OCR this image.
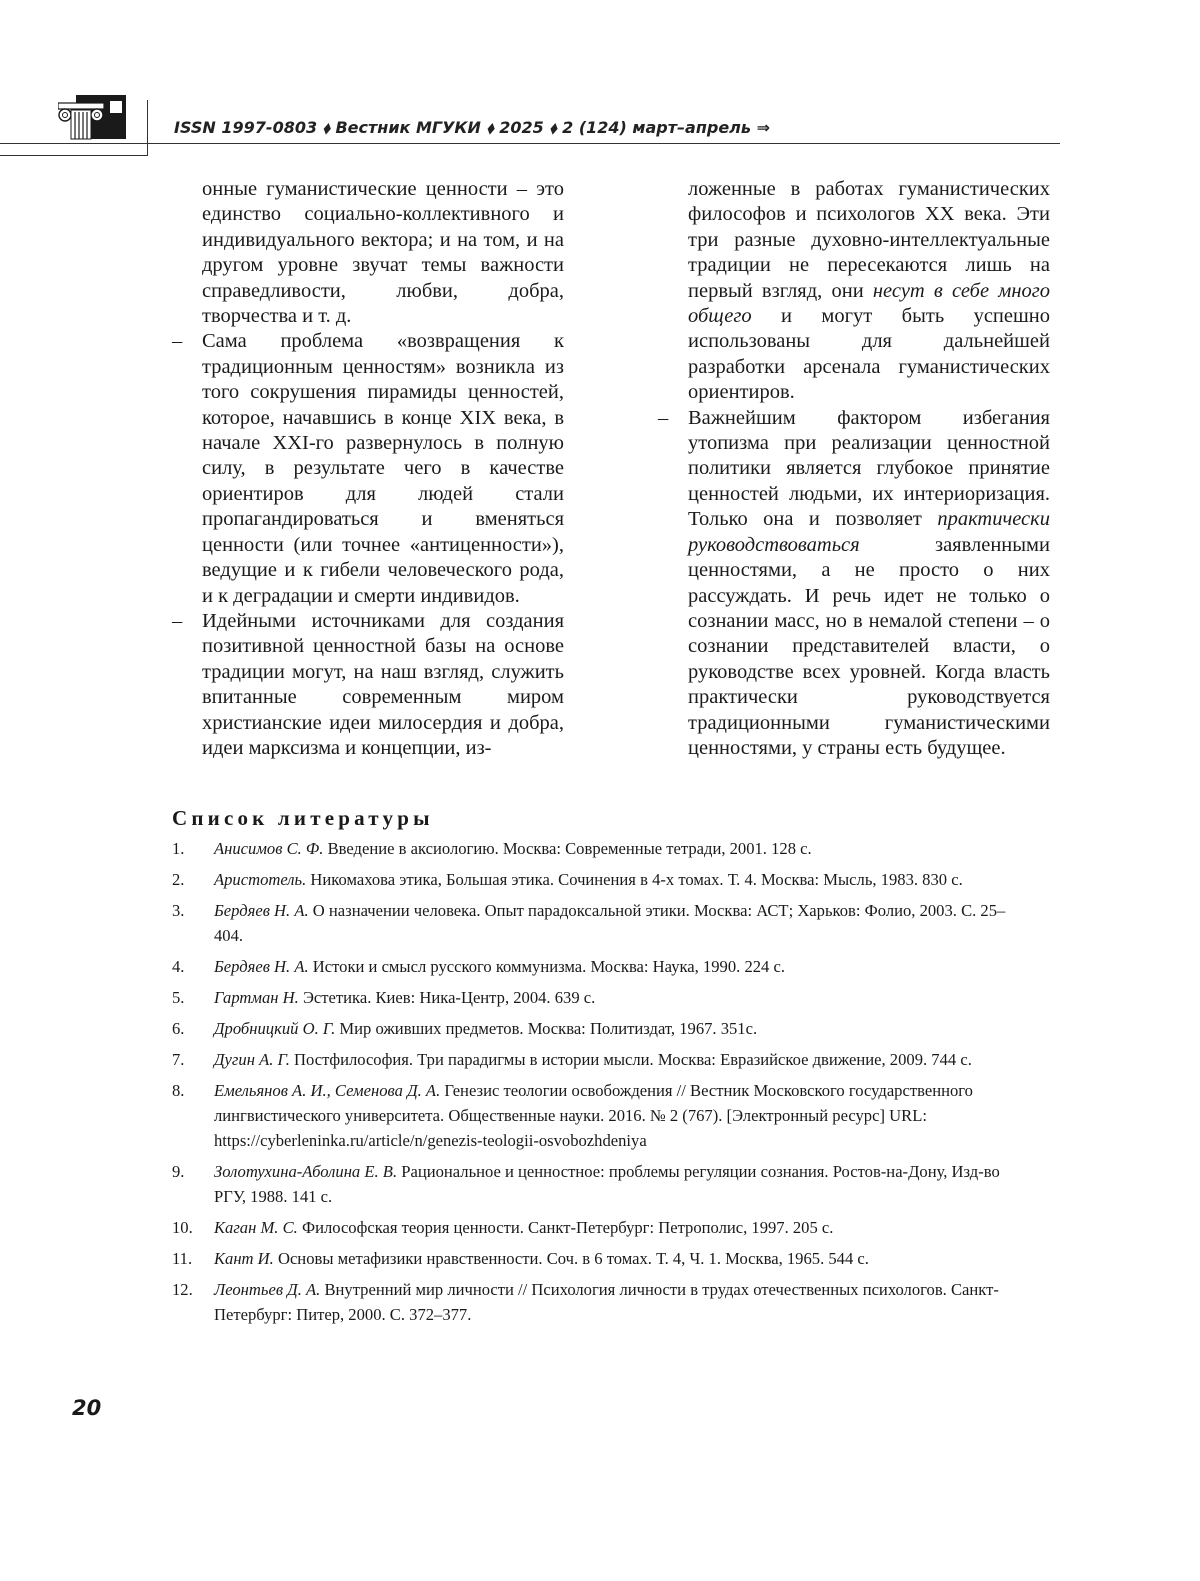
ISSN 1997-0803 ⬧ Вестник МГУКИ ⬧ 2025 ⬧ 2 (124) март–апрель ⇒

онные гуманистические ценности – это единство социально-коллективного и индивидуального вектора; и на том, и на другом уровне звучат темы важности справедливости, любви, добра, творчества и т. д.

– Сама проблема «возвращения к традиционным ценностям» возникла из того сокрушения пирамиды ценностей, которое, начавшись в конце XIX века, в начале XXI-го развернулось в полную силу, в результате чего в качестве ориентиров для людей стали пропагандироваться и вменяться ценности (или точнее «антиценности»), ведущие и к гибели человеческого рода, и к деградации и смерти индивидов.
– Идейными источниками для создания позитивной ценностной базы на основе традиции могут, на наш взгляд, служить впитанные современным миром христианские идеи милосердия и добра, идеи марксизма и концепции, из-

ложенные в работах гуманистических философов и психологов XX века. Эти три разные духовно-интеллектуальные традиции не пересекаются лишь на первый взгляд, они несут в себе много общего и могут быть успешно использованы для дальнейшей разработки арсенала гуманистических ориентиров.

– Важнейшим фактором избегания утопизма при реализации ценностной политики является глубокое принятие ценностей людьми, их интериоризация. Только она и позволяет практически руководствоваться заявленными ценностями, а не просто о них рассуждать. И речь идет не только о сознании масс, но в немалой степени – о сознании представителей власти, о руководстве всех уровней. Когда власть практически руководствуется традиционными гуманистическими ценностями, у страны есть будущее.
Список литературы
1. Анисимов С. Ф. Введение в аксиологию. Москва: Современные тетради, 2001. 128 с.
2. Аристотель. Никомахова этика, Большая этика. Сочинения в 4-х томах. Т. 4. Москва: Мысль, 1983. 830 с.
3. Бердяев Н. А. О назначении человека. Опыт парадоксальной этики. Москва: АСТ; Харьков: Фолио, 2003. С. 25– 404.
4. Бердяев Н. А. Истоки и смысл русского коммунизма. Москва: Наука, 1990. 224 с.
5. Гартман Н. Эстетика. Киев: Ника-Центр, 2004. 639 с.
6. Дробницкий О. Г. Мир оживших предметов. Москва: Политиздат, 1967. 351с.
7. Дугин А. Г. Постфилософия. Три парадигмы в истории мысли. Москва: Евразийское движение, 2009. 744 с.
8. Емельянов А. И., Семенова Д. А. Генезис теологии освобождения // Вестник Московского государственного лингвистического университета. Общественные науки. 2016. № 2 (767). [Электронный ресурс] URL: https://cyberleninka.ru/article/n/genezis-teologii-osvobozhdeniya
9. Золотухина-Аболина Е. В. Рациональное и ценностное: проблемы регуляции сознания. Ростов-на-Дону, Изд-во РГУ, 1988. 141 с.
10. Каган М. С. Философская теория ценности. Санкт-Петербург: Петрополис, 1997. 205 с.
11. Кант И. Основы метафизики нравственности. Соч. в 6 томах. Т. 4, Ч. 1. Москва, 1965. 544 с.
12. Леонтьев Д. А. Внутренний мир личности // Психология личности в трудах отечественных психологов. Санкт-Петербург: Питер, 2000. С. 372–377.
20
